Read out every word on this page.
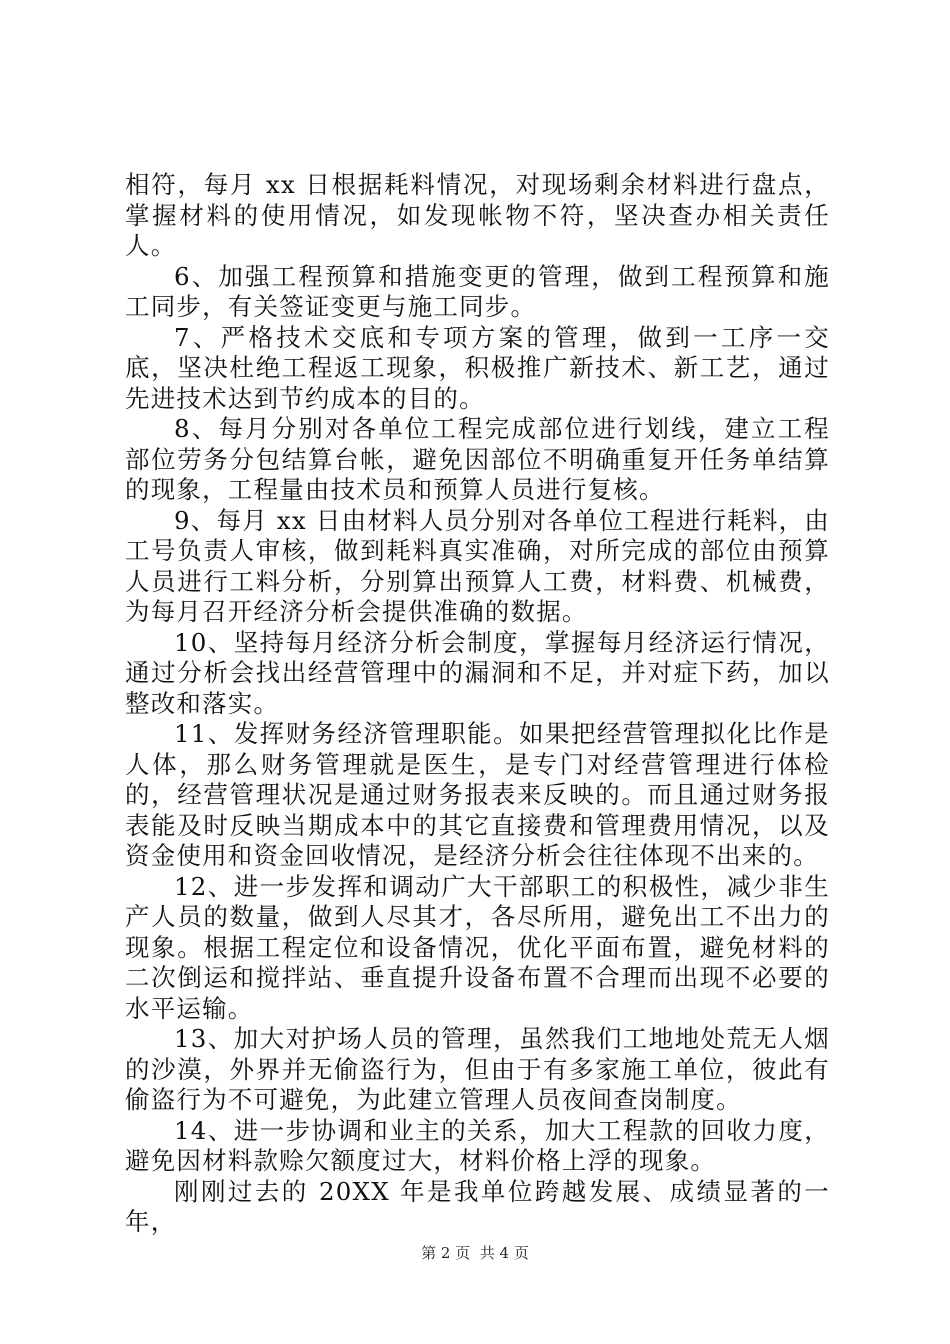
相符，每月 xx 日根据耗料情况，对现场剩余材料进行盘点，掌握材料的使用情况，如发现帐物不符，坚决查办相关责任人。

6、加强工程预算和措施变更的管理，做到工程预算和施工同步，有关签证变更与施工同步。

7、严格技术交底和专项方案的管理，做到一工序一交底，坚决杜绝工程返工现象，积极推广新技术、新工艺，通过先进技术达到节约成本的目的。

8、每月分别对各单位工程完成部位进行划线，建立工程部位劳务分包结算台帐，避免因部位不明确重复开任务单结算的现象，工程量由技术员和预算人员进行复核。

9、每月 xx 日由材料人员分别对各单位工程进行耗料，由工号负责人审核，做到耗料真实准确，对所完成的部位由预算人员进行工料分析，分别算出预算人工费，材料费、机械费，为每月召开经济分析会提供准确的数据。

10、坚持每月经济分析会制度，掌握每月经济运行情况，通过分析会找出经营管理中的漏洞和不足，并对症下药，加以整改和落实。

11、发挥财务经济管理职能。如果把经营管理拟化比作是人体，那么财务管理就是医生，是专门对经营管理进行体检的，经营管理状况是通过财务报表来反映的。而且通过财务报表能及时反映当期成本中的其它直接费和管理费用情况，以及资金使用和资金回收情况，是经济分析会往往体现不出来的。

12、进一步发挥和调动广大干部职工的积极性，减少非生产人员的数量，做到人尽其才，各尽所用，避免出工不出力的现象。根据工程定位和设备情况，优化平面布置，避免材料的二次倒运和搅拌站、垂直提升设备布置不合理而出现不必要的水平运输。

13、加大对护场人员的管理，虽然我们工地地处荒无人烟的沙漠，外界并无偷盗行为，但由于有多家施工单位，彼此有偷盗行为不可避免，为此建立管理人员夜间查岗制度。

14、进一步协调和业主的关系，加大工程款的回收力度，避免因材料款赊欠额度过大，材料价格上浮的现象。

刚刚过去的 20XX 年是我单位跨越发展、成绩显著的一年，

第 2 页  共 4 页
